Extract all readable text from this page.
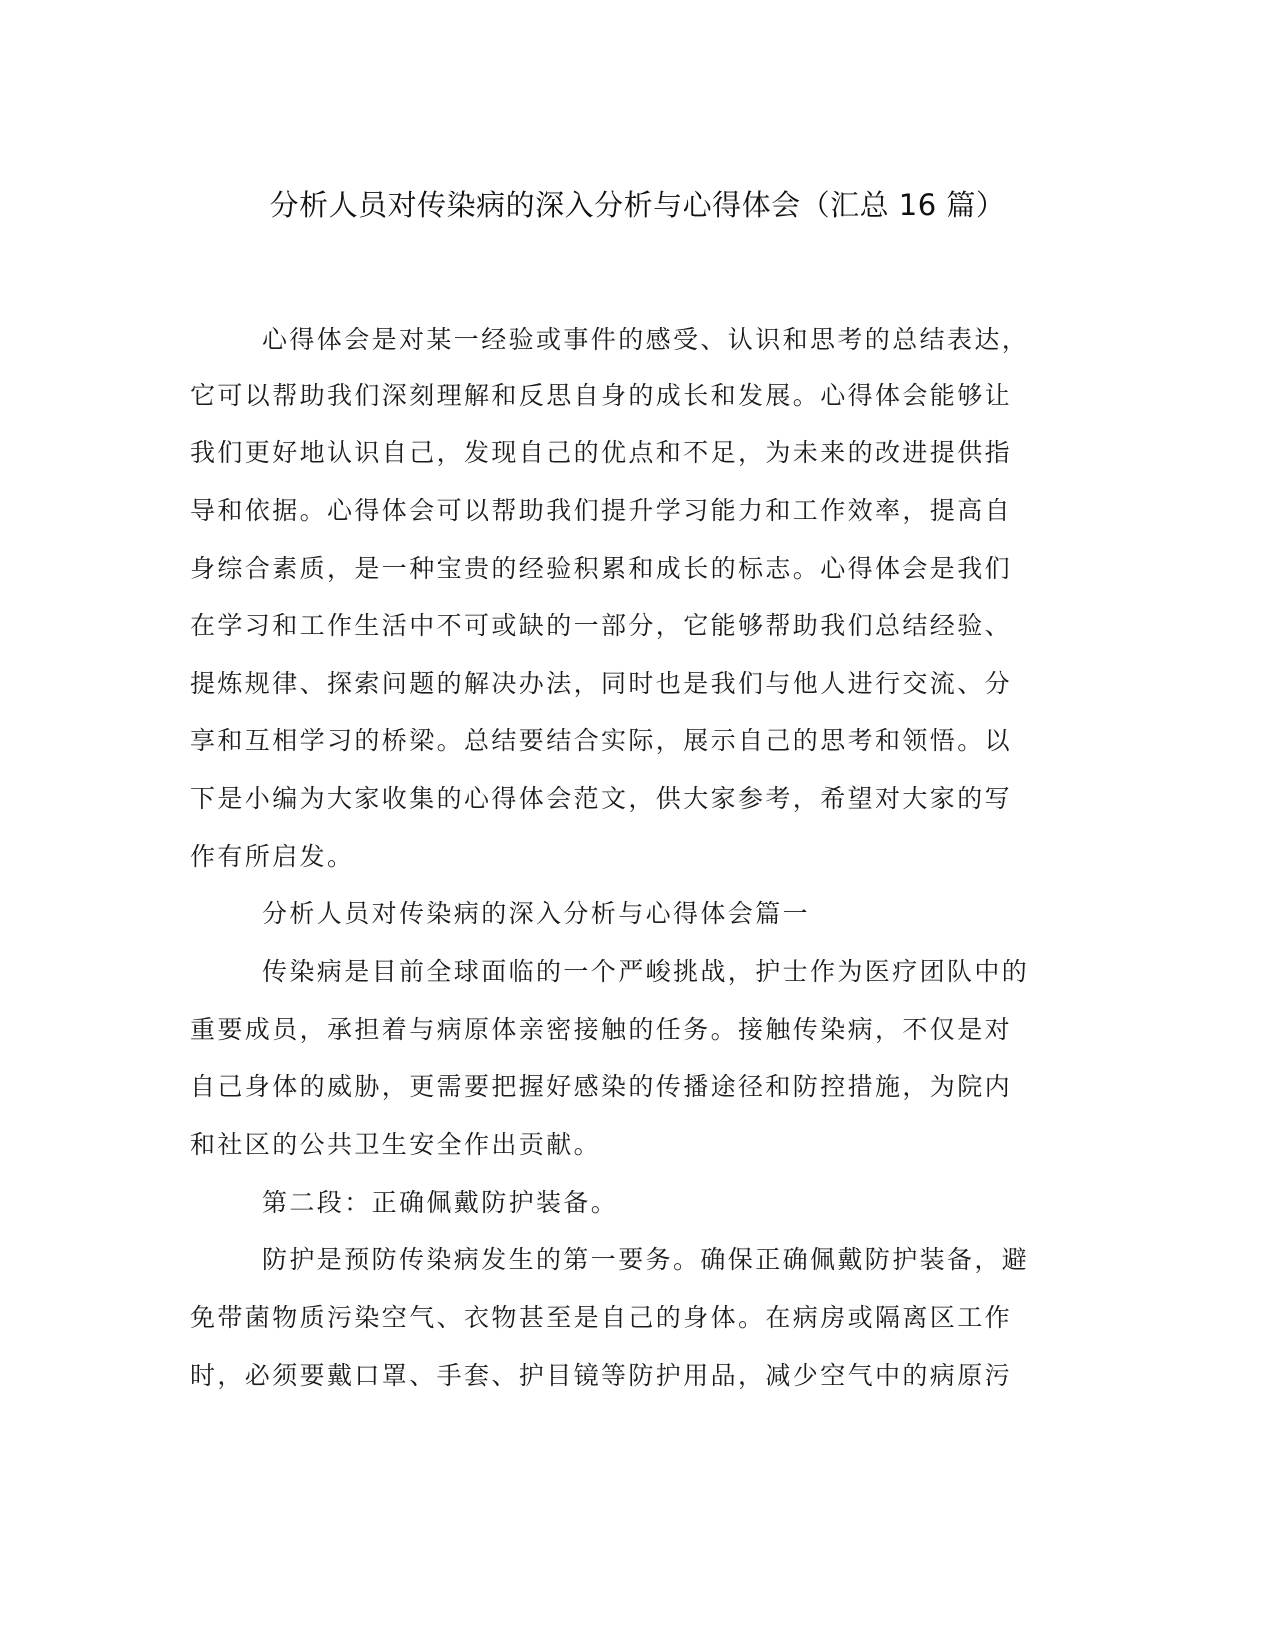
分析人员对传染病的深入分析与心得体会（汇总 16 篇）
心得体会是对某一经验或事件的感受、认识和思考的总结表达，
它可以帮助我们深刻理解和反思自身的成长和发展。心得体会能够让
我们更好地认识自己，发现自己的优点和不足，为未来的改进提供指
导和依据。心得体会可以帮助我们提升学习能力和工作效率，提高自
身综合素质，是一种宝贵的经验积累和成长的标志。心得体会是我们
在学习和工作生活中不可或缺的一部分，它能够帮助我们总结经验、
提炼规律、探索问题的解决办法，同时也是我们与他人进行交流、分
享和互相学习的桥梁。总结要结合实际，展示自己的思考和领悟。以
下是小编为大家收集的心得体会范文，供大家参考，希望对大家的写
作有所启发。
分析人员对传染病的深入分析与心得体会篇一
传染病是目前全球面临的一个严峻挑战，护士作为医疗团队中的
重要成员，承担着与病原体亲密接触的任务。接触传染病，不仅是对
自己身体的威胁，更需要把握好感染的传播途径和防控措施，为院内
和社区的公共卫生安全作出贡献。
第二段：正确佩戴防护装备。
防护是预防传染病发生的第一要务。确保正确佩戴防护装备，避
免带菌物质污染空气、衣物甚至是自己的身体。在病房或隔离区工作
时，必须要戴口罩、手套、护目镜等防护用品，减少空气中的病原污
